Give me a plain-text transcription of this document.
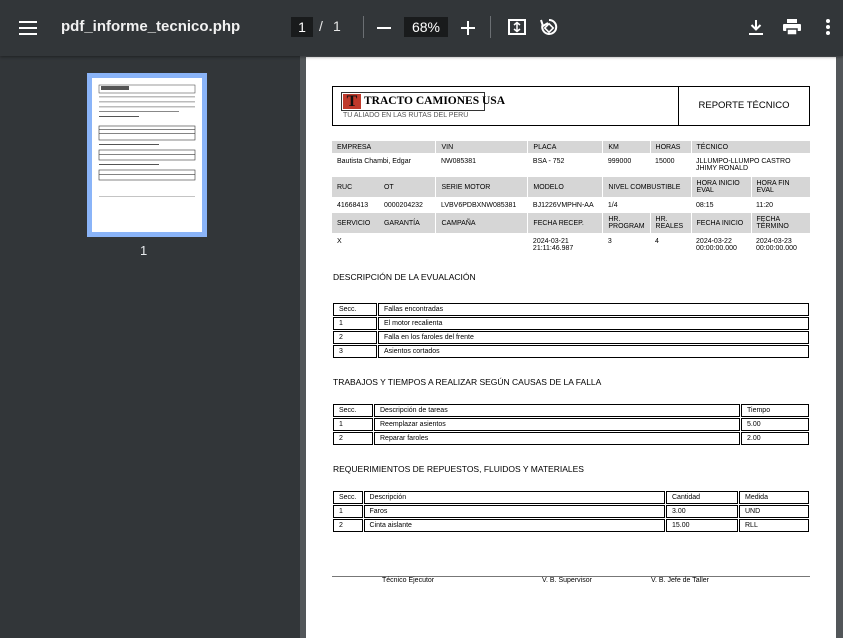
pdf_informe_tecnico.php	1 / 1	68%
1
T TRACTO CAMIONES USA
TU ALIADO EN LAS RUTAS DEL PERÚ
REPORTE TÉCNICO
EMPRESA		VIN	PLACA	KM	HORAS	TÉCNICO	
Bautista Chambi, Edgar		NW085381	BSA - 752	999000	15000	JLLUMPO-LLUMPO CASTRO JHIMY RONALD	
RUC	OT	SERIE MOTOR	MODELO	NIVEL COMBUSTIBLE		HORA INICIO EVAL	HORA FIN EVAL
41668413	0000204232	LVBV6PDBXNW085381	BJ1226VMPHN-AA	1/4		08:15	11:20
SERVICIO	GARANTÍA	CAMPAÑA	FECHA RECEP.	HR. PROGRAM	HR. REALES	FECHA INICIO	FECHA TÉRMINO
X			2024-03-21 21:11:46.987	3	4	2024-03-22 00:00:00.000	2024-03-23 00:00:00.000
DESCRIPCIÓN DE LA EVUALACIÓN
Secc.	Fallas encontradas
1	El motor recalienta
2	Falla en los faroles del frente
3	Asientos cortados
TRABAJOS Y TIEMPOS A REALIZAR SEGÚN CAUSAS DE LA FALLA
Secc.	Descripción de tareas	Tiempo
1	Reemplazar asientos	5.00
2	Reparar faroles	2.00
REQUERIMIENTOS DE REPUESTOS, FLUIDOS Y MATERIALES
Secc.	Descripción	Cantidad	Medida
1	Faros	3.00	UND
2	Cinta aislante	15.00	RLL
Técnico Ejecutor	V. B. Supervisor	V. B. Jefe de Taller
